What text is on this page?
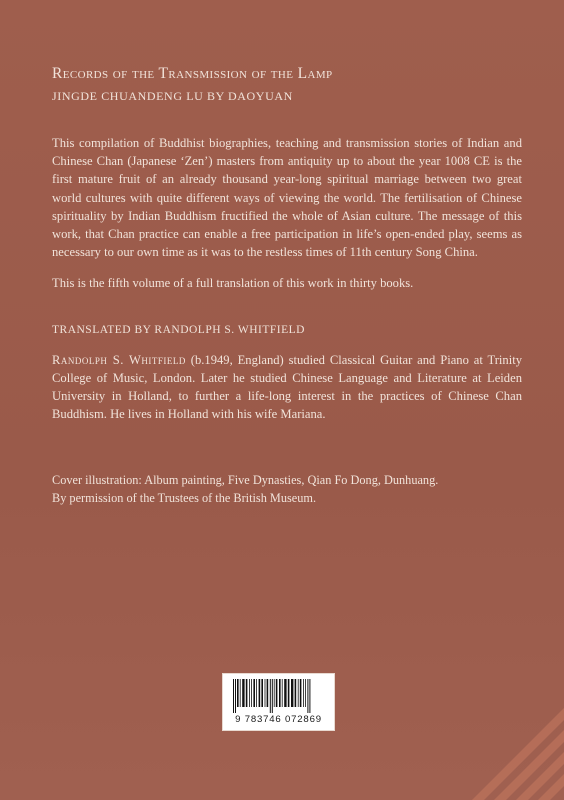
Records of the Transmission of the Lamp
JINGDE CHUANDENG LU BY DAOYUAN

This compilation of Buddhist biographies, teaching and transmission stories of Indian and Chinese Chan (Japanese ‘Zen’) masters from antiquity up to about the year 1008 CE is the first mature fruit of an already thousand year-long spiritual marriage between two great world cultures with quite different ways of viewing the world. The fertilisation of Chinese spirituality by Indian Buddhism fructified the whole of Asian culture. The message of this work, that Chan practice can enable a free participation in life’s open-ended play, seems as necessary to our own time as it was to the restless times of 11th century Song China.

This is the fifth volume of a full translation of this work in thirty books.

TRANSLATED BY RANDOLPH S. WHITFIELD

Randolph S. Whitfield (b.1949, England) studied Classical Guitar and Piano at Trinity College of Music, London. Later he studied Chinese Language and Literature at Leiden University in Holland, to further a life-long interest in the practices of Chinese Chan Buddhism. He lives in Holland with his wife Mariana.

Cover illustration: Album painting, Five Dynasties, Qian Fo Dong, Dunhuang.
By permission of the Trustees of the British Museum.
9 783746 072869
